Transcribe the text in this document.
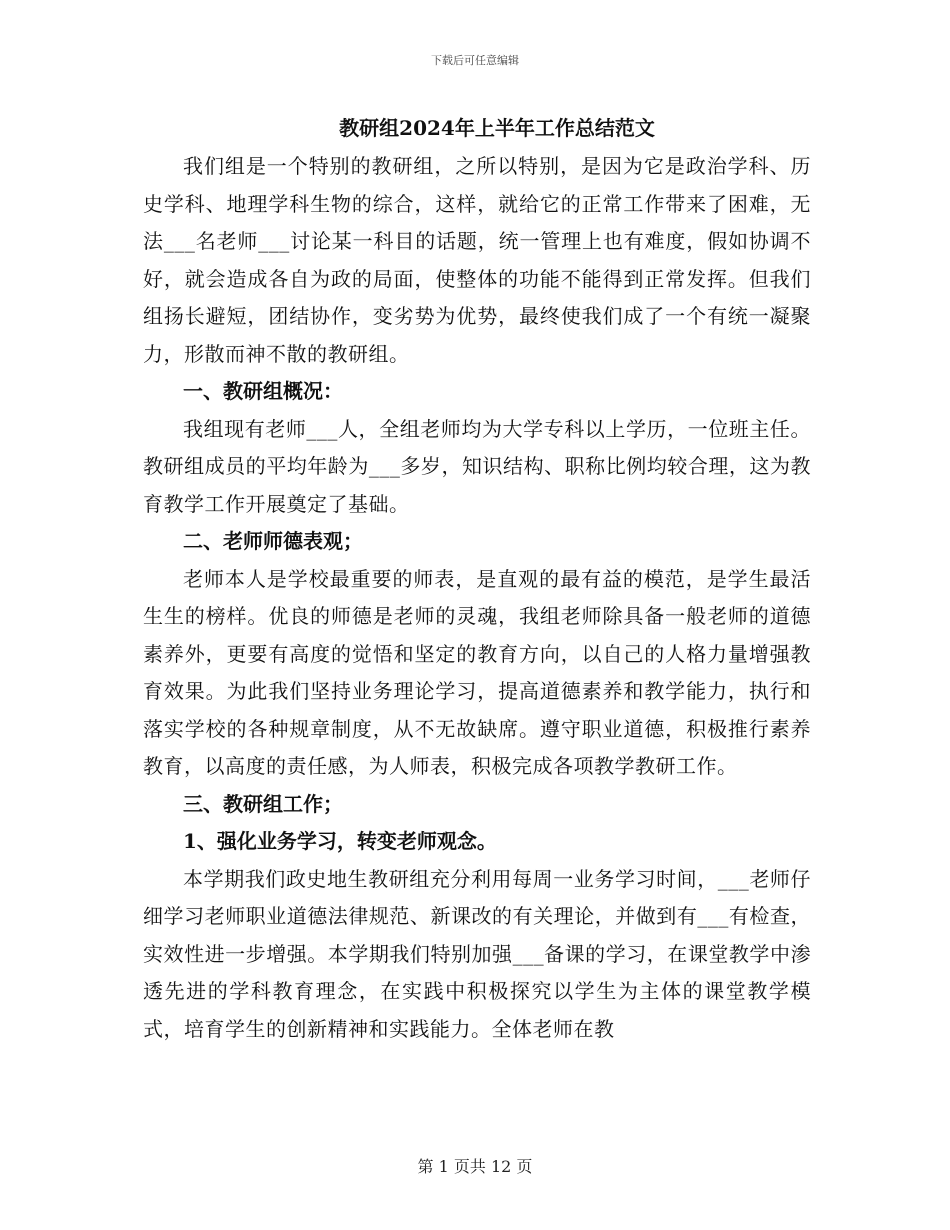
下载后可任意编辑
教研组2024年上半年工作总结范文

我们组是一个特别的教研组，之所以特别，是因为它是政治学科、历史学科、地理学科生物的综合，这样，就给它的正常工作带来了困难，无法___名老师___讨论某一科目的话题，统一管理上也有难度，假如协调不好，就会造成各自为政的局面，使整体的功能不能得到正常发挥。但我们组扬长避短，团结协作，变劣势为优势，最终使我们成了一个有统一凝聚力，形散而神不散的教研组。

一、教研组概况：

我组现有老师___人，全组老师均为大学专科以上学历，一位班主任。教研组成员的平均年龄为___多岁，知识结构、职称比例均较合理，这为教育教学工作开展奠定了基础。

二、老师师德表观；

老师本人是学校最重要的师表，是直观的最有益的模范，是学生最活生生的榜样。优良的师德是老师的灵魂，我组老师除具备一般老师的道德素养外，更要有高度的觉悟和坚定的教育方向，以自己的人格力量增强教育效果。为此我们坚持业务理论学习，提高道德素养和教学能力，执行和落实学校的各种规章制度，从不无故缺席。遵守职业道德，积极推行素养教育，以高度的责任感，为人师表，积极完成各项教学教研工作。

三、教研组工作；

1、强化业务学习，转变老师观念。

本学期我们政史地生教研组充分利用每周一业务学习时间，___老师仔细学习老师职业道德法律规范、新课改的有关理论，并做到有___有检查，实效性进一步增强。本学期我们特别加强___备课的学习，在课堂教学中渗透先进的学科教育理念，在实践中积极探究以学生为主体的课堂教学模式，培育学生的创新精神和实践能力。全体老师在教

第 1 页共 12 页
